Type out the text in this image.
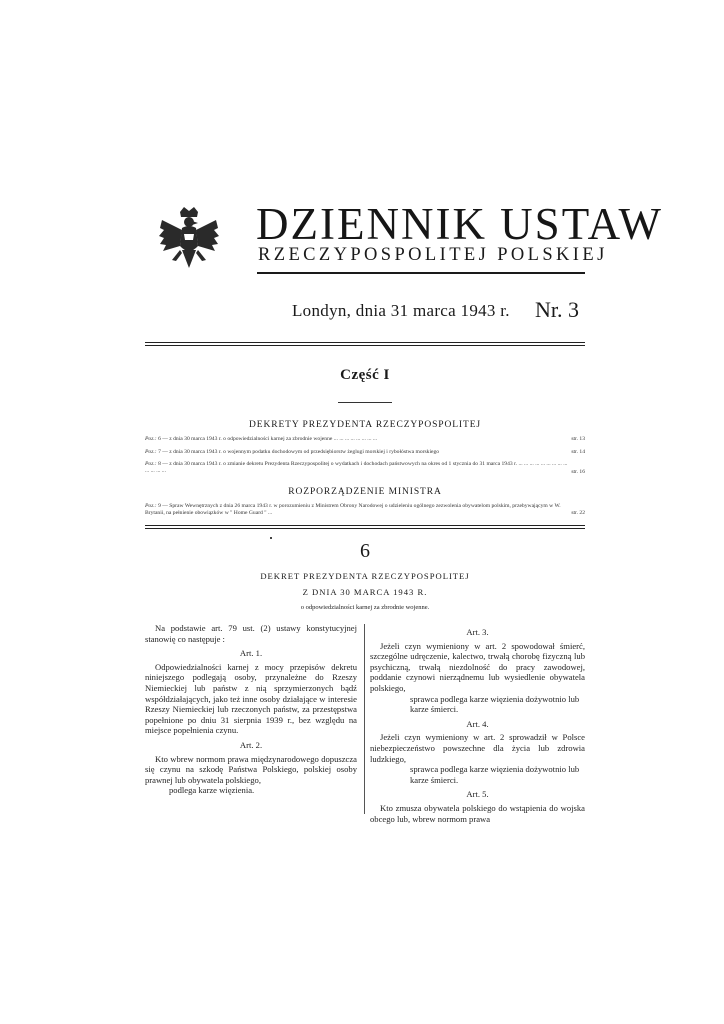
DZIENNIK USTAW
RZECZYPOSPOLITEJ POLSKIEJ
Londyn, dnia 31 marca 1943 r. Nr. 3
Część I
DEKRETY PREZYDENTA RZECZYPOSPOLITEJ
str. 13
Poz.: 6 — z dnia 30 marca 1943 r. o odpowiedzialności karnej za zbrodnie wojenne ... ... ... ... ... ... ... ...
str. 14
Poz.: 7 — z dnia 30 marca 1943 r. o wojennym podatku dochodowym od przedsiębiorstw żeglugi morskiej i rybołóstwa morskiego
str. 16
Poz.: 8 — z dnia 30 marca 1943 r. o zmianie dekretu Prezydenta Rzeczypospolitej o wydatkach i dochodach państwowych na okres od 1 stycznia do 31 marca 1943 r. ... ... ... ... ... ... ... ... ... ... ... ... ...
ROZPORZĄDZENIE MINISTRA
str. 22
Poz.: 9 — Spraw Wewnętrznych z dnia 26 marca 1943 r. w porozumieniu z Ministrem Obrony Narodowej o udzieleniu ogólnego zezwolenia obywatelom polskim, przebywającym w W. Brytanii, na pełnienie obowiązków w " Home Guard " ...
6
DEKRET PREZYDENTA RZECZYPOSPOLITEJ
Z DNIA 30 MARCA 1943 R.
o odpowiedzialności karnej za zbrodnie wojenne.

Na podstawie art. 79 ust. (2) ustawy konstytucyjnej stanowię co następuje :

Art. 1.

Odpowiedzialności karnej z mocy przepisów dekretu niniejszego podlegają osoby, przynależne do Rzeszy Niemieckiej lub państw z nią sprzymierzonych bądź współdziałających, jako też inne osoby działające w interesie Rzeszy Niemieckiej lub rzeczonych państw, za przestępstwa popełnione po dniu 31 sierpnia 1939 r., bez względu na miejsce popełnienia czynu.

Art. 2.

Kto wbrew normom prawa międzynarodowego dopuszcza się czynu na szkodę Państwa Polskiego, polskiej osoby prawnej lub obywatela polskiego,

podlega karze więzienia.

Art. 3.

Jeżeli czyn wymieniony w art. 2 spowodował śmierć, szczególne udręczenie, kalectwo, trwałą chorobę fizyczną lub psychiczną, trwałą niezdolność do pracy zawodowej, poddanie czynowi nierządnemu lub wysiedlenie obywatela polskiego,

sprawca podlega karze więzienia dożywotnio lub karze śmierci.

Art. 4.

Jeżeli czyn wymieniony w art. 2 sprowadził w Polsce niebezpieczeństwo powszechne dla życia lub zdrowia ludzkiego,

sprawca podlega karze więzienia dożywotnio lub karze śmierci.

Art. 5.

Kto zmusza obywatela polskiego do wstąpienia do wojska obcego lub, wbrew normom prawa
